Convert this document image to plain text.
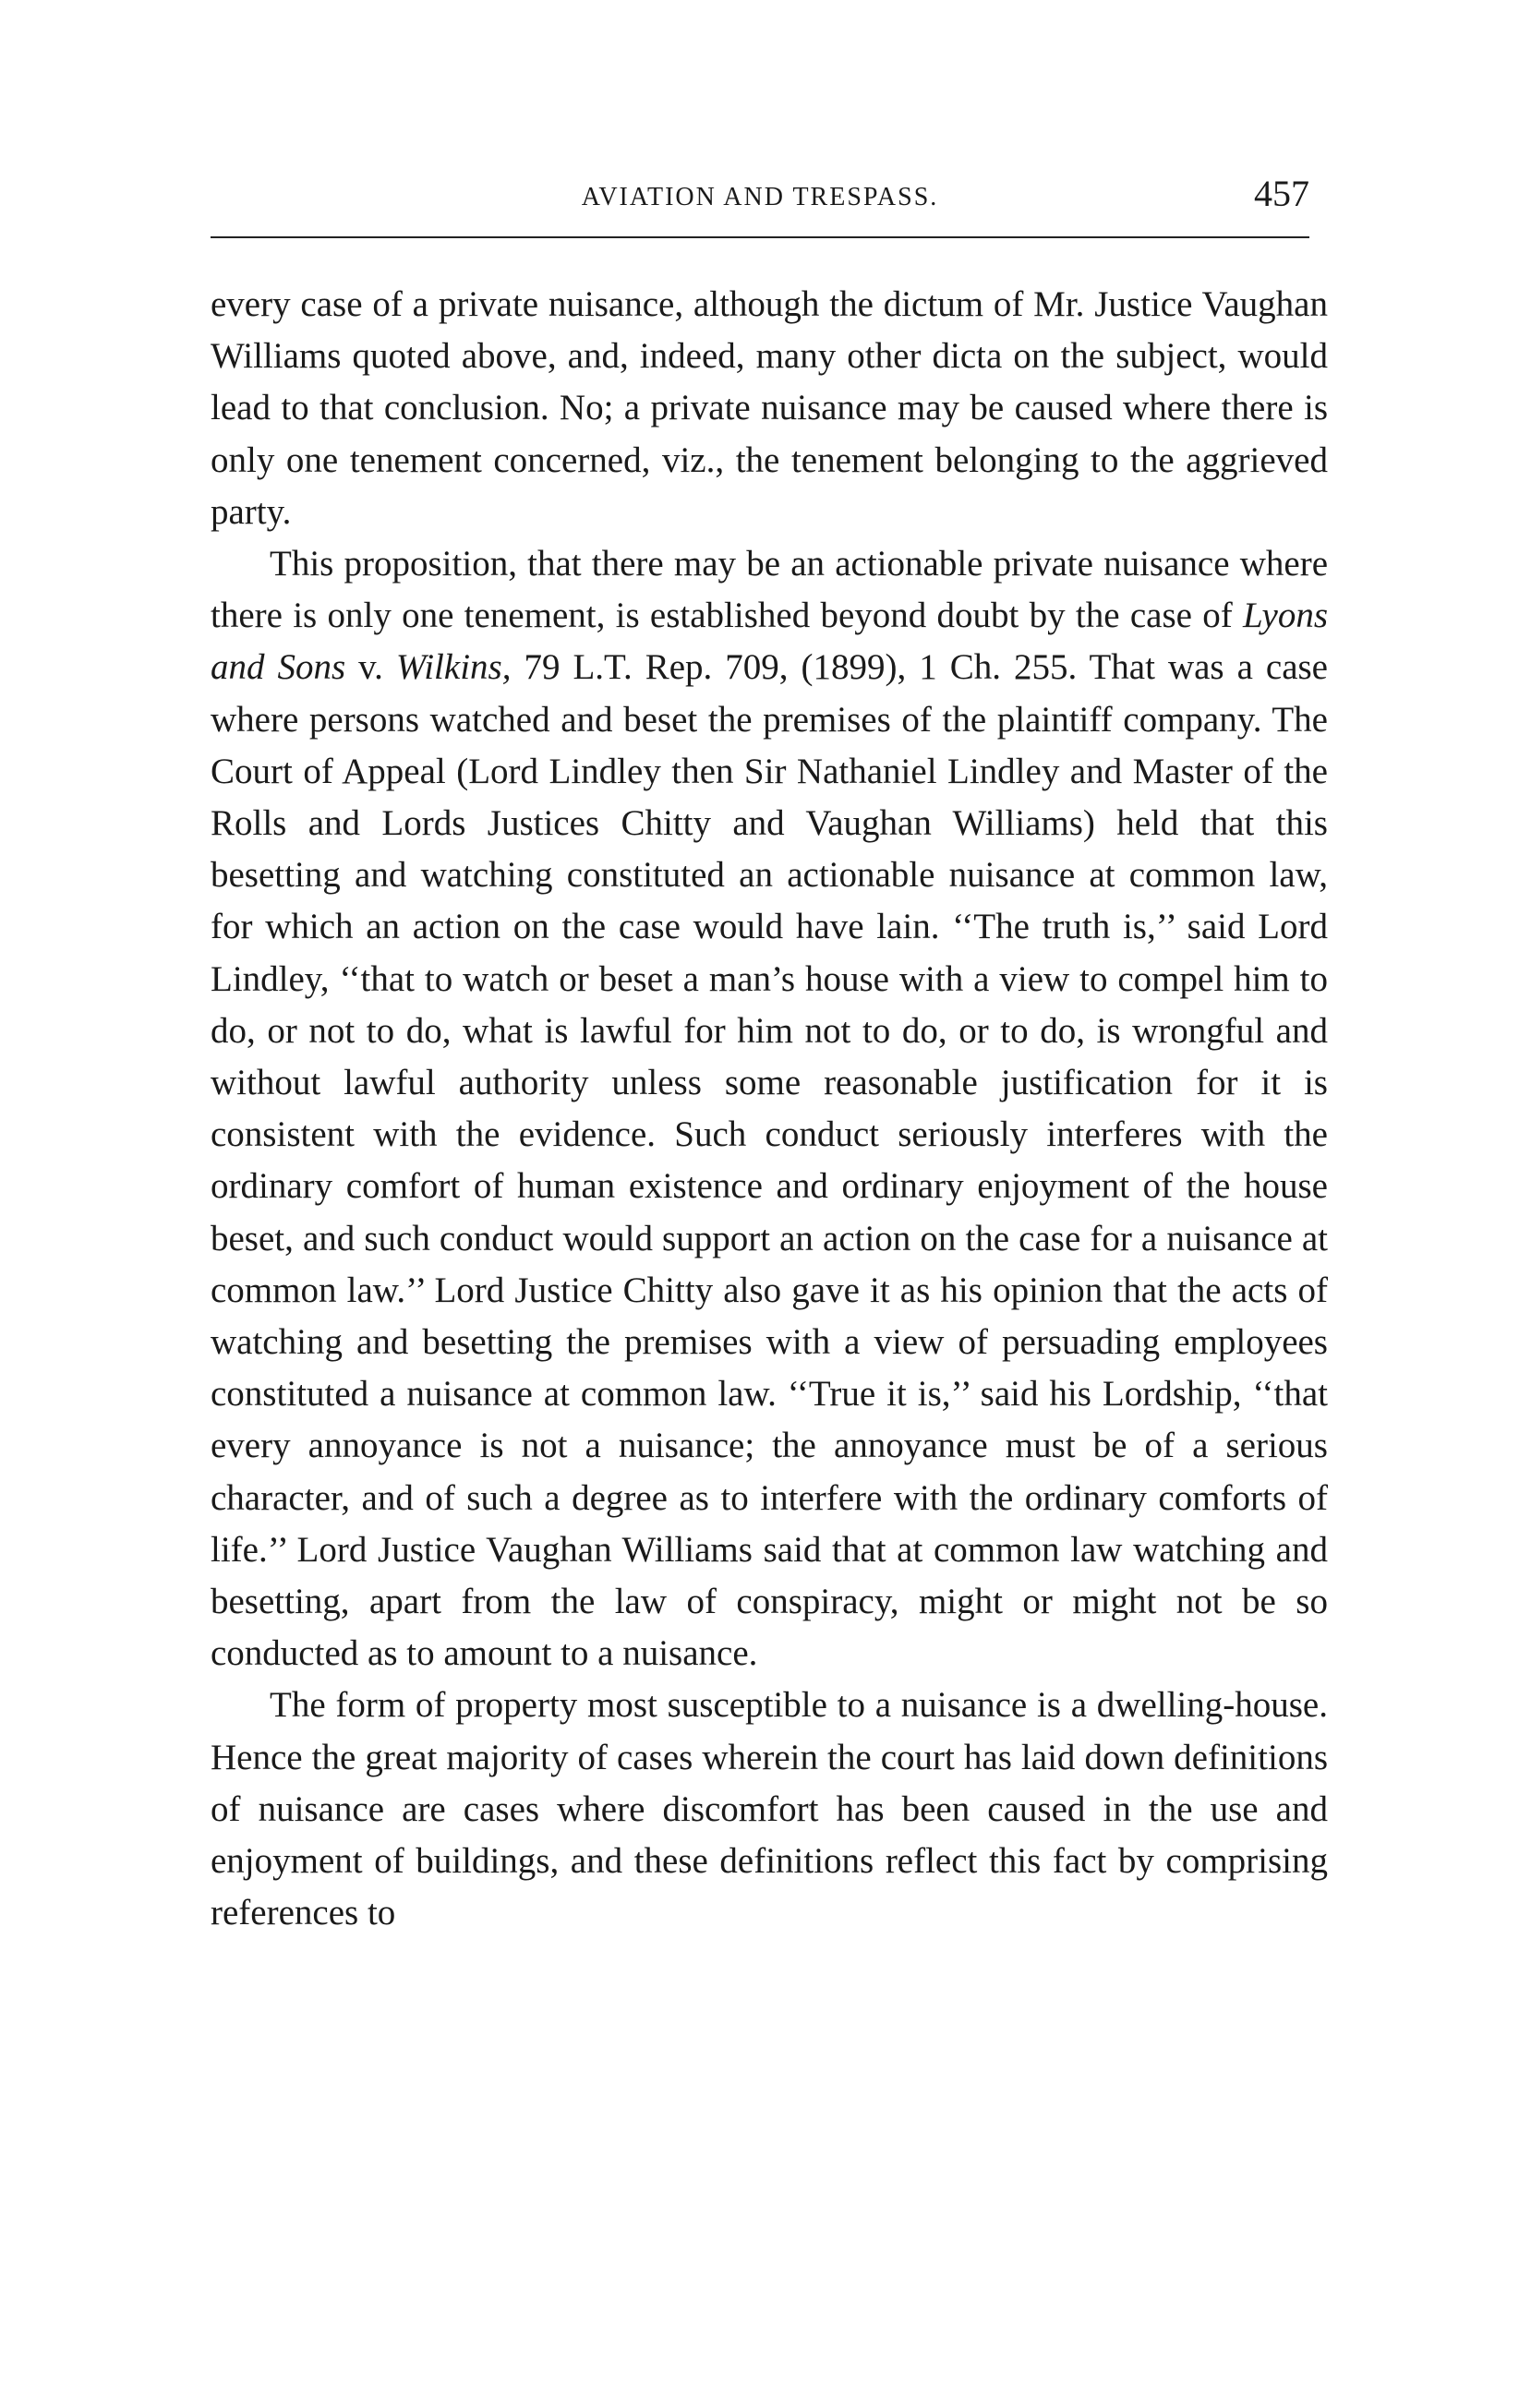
AVIATION AND TRESPASS.	457

every case of a private nuisance, although the dictum of Mr. Justice Vaughan Williams quoted above, and, indeed, many other dicta on the subject, would lead to that conclusion. No; a private nuisance may be caused where there is only one tenement concerned, viz., the tenement belonging to the aggrieved party.

This proposition, that there may be an actionable private nuisance where there is only one tenement, is established beyond doubt by the case of Lyons and Sons v. Wilkins, 79 L.T. Rep. 709, (1899), 1 Ch. 255. That was a case where persons watched and beset the premises of the plaintiff company. The Court of Appeal (Lord Lindley then Sir Nathaniel Lindley and Master of the Rolls and Lords Justices Chitty and Vaughan Williams) held that this besetting and watching constituted an actionable nuisance at common law, for which an action on the case would have lain. ‘‘The truth is,’’ said Lord Lindley, ‘‘that to watch or beset a man’s house with a view to compel him to do, or not to do, what is lawful for him not to do, or to do, is wrongful and without lawful authority unless some reasonable justification for it is consistent with the evidence. Such conduct seriously interferes with the ordinary comfort of human existence and ordinary enjoyment of the house beset, and such conduct would support an action on the case for a nuisance at common law.’’ Lord Justice Chitty also gave it as his opinion that the acts of watching and besetting the premises with a view of persuading employees constituted a nuisance at common law. ‘‘True it is,’’ said his Lordship, ‘‘that every annoyance is not a nuisance; the annoyance must be of a serious character, and of such a degree as to interfere with the ordinary comforts of life.’’ Lord Justice Vaughan Williams said that at common law watching and besetting, apart from the law of conspiracy, might or might not be so conducted as to amount to a nuisance.

The form of property most susceptible to a nuisance is a dwelling-house. Hence the great majority of cases wherein the court has laid down definitions of nuisance are cases where discomfort has been caused in the use and enjoyment of buildings, and these definitions reflect this fact by comprising references to
